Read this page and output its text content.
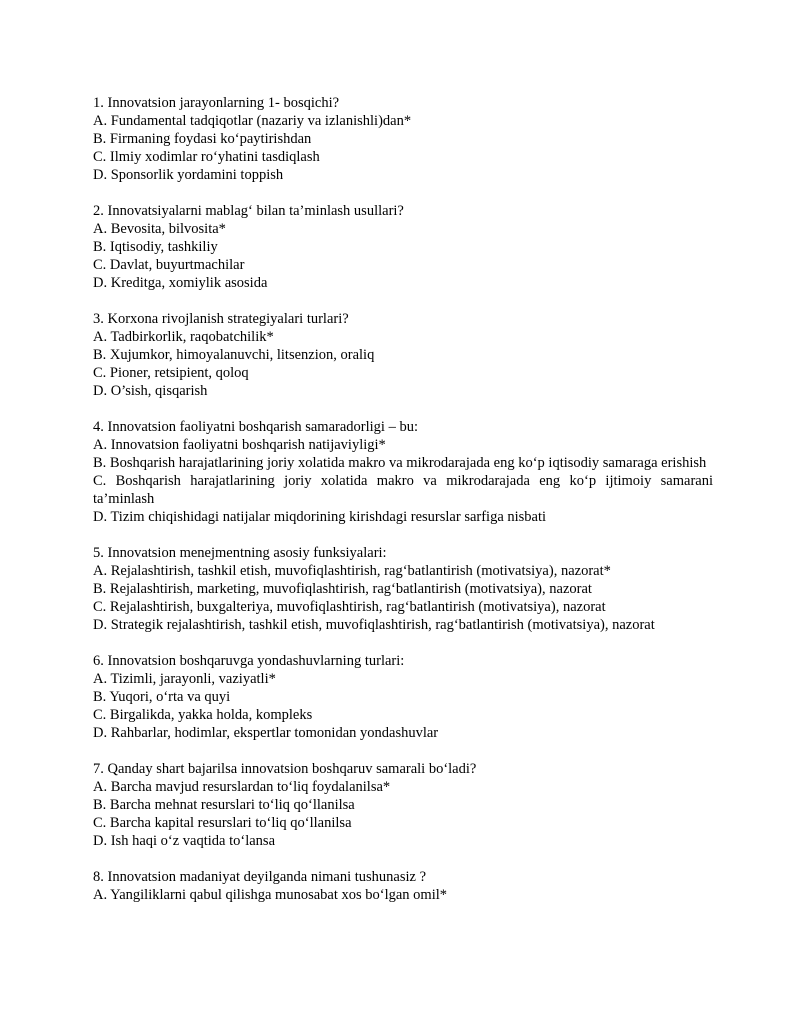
1. Innovatsion jarayonlarning 1- bosqichi?
A. Fundamental tadqiqotlar (nazariy va izlanishli)dan*
B. Firmaning foydasi ko‘paytirishdan
C. Ilmiy xodimlar ro‘yhatini tasdiqlash
D. Sponsorlik yordamini toppish
2. Innovatsiyalarni mablag‘ bilan ta’minlash usullari?
A. Bevosita, bilvosita*
B. Iqtisodiy, tashkiliy
C. Davlat, buyurtmachilar
D. Kreditga, xomiylik asosida
3. Korxona rivojlanish strategiyalari turlari?
A. Tadbirkorlik, raqobatchilik*
B. Xujumkor, himoyalanuvchi, litsenzion, oraliq
C. Pioner, retsipient, qoloq
D. O’sish, qisqarish
4. Innovatsion faoliyatni boshqarish samaradorligi – bu:
A. Innovatsion faoliyatni boshqarish natijaviyligi*
B. Boshqarish harajatlarining joriy xolatida makro va mikrodarajada eng ko‘p iqtisodiy samaraga erishish
C. Boshqarish harajatlarining joriy xolatida makro va mikrodarajada eng ko‘p ijtimoiy samarani ta’minlash
D. Tizim chiqishidagi natijalar miqdorining kirishdagi resurslar sarfiga nisbati
5. Innovatsion menejmentning asosiy funksiyalari:
A. Rejalashtirish, tashkil etish, muvofiqlashtirish, rag‘batlantirish (motivatsiya), nazorat*
B. Rejalashtirish, marketing, muvofiqlashtirish, rag‘batlantirish (motivatsiya), nazorat
C. Rejalashtirish, buxgalteriya, muvofiqlashtirish, rag‘batlantirish (motivatsiya), nazorat
D. Strategik rejalashtirish, tashkil etish, muvofiqlashtirish, rag‘batlantirish (motivatsiya), nazorat
6. Innovatsion boshqaruvga yondashuvlarning turlari:
A. Tizimli, jarayonli, vaziyatli*
B. Yuqori, o‘rta va quyi
C. Birgalikda, yakka holda, kompleks
D. Rahbarlar, hodimlar, ekspertlar tomonidan yondashuvlar
7. Qanday shart bajarilsa innovatsion boshqaruv samarali bo‘ladi?
A. Barcha mavjud resurslardan to‘liq foydalanilsa*
B. Barcha mehnat resurslari to‘liq qo‘llanilsa
C. Barcha kapital resurslari to‘liq qo‘llanilsa
D. Ish haqi o‘z vaqtida to‘lansa
8. Innovatsion madaniyat deyilganda nimani tushunasiz ?
A. Yangiliklarni qabul qilishga munosabat xos bo‘lgan omil*
